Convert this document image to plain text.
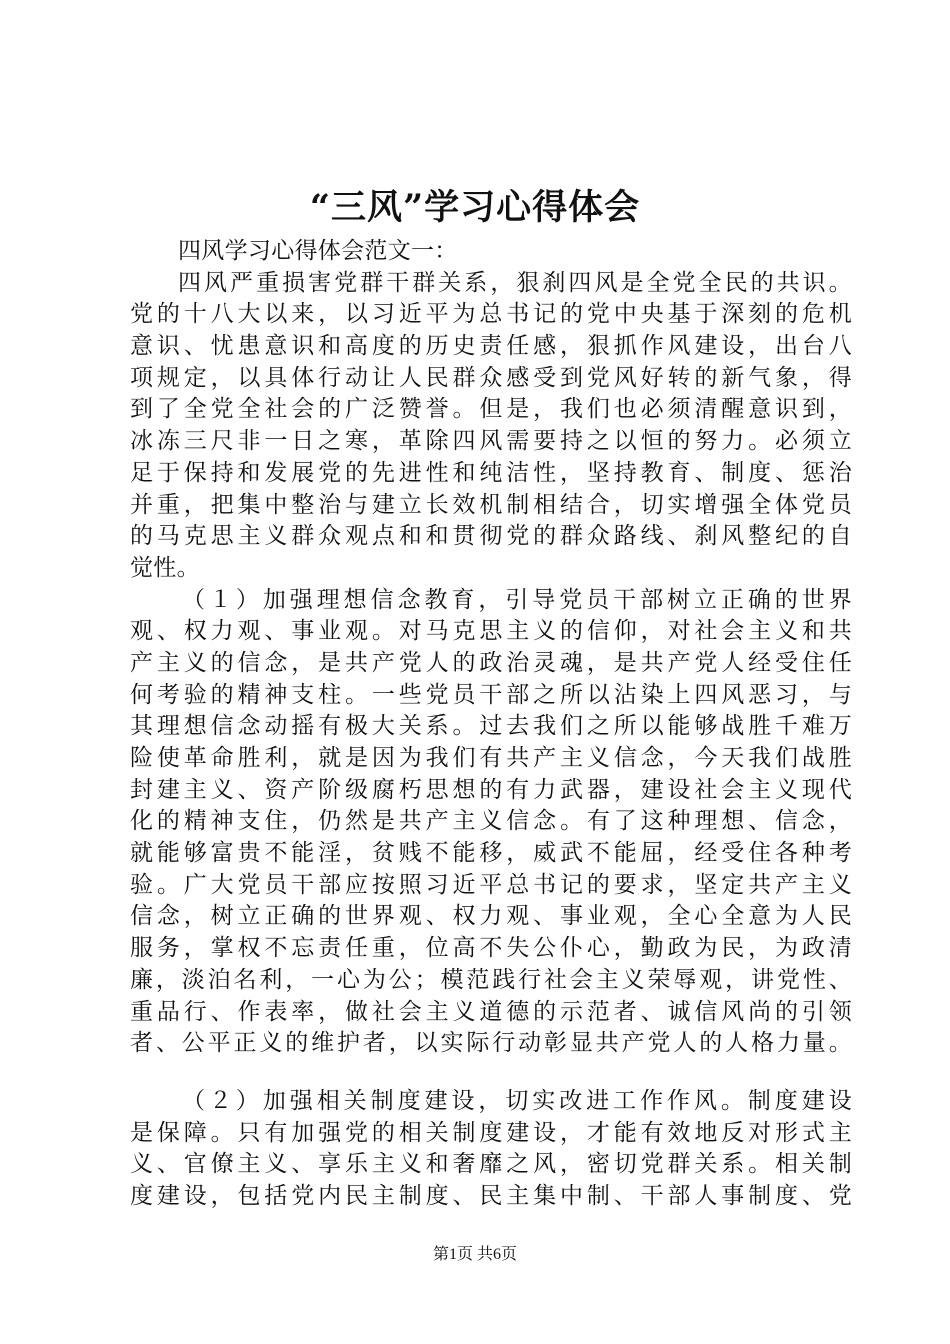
“三风”学习心得体会
四风学习心得体会范文一：
四风严重损害党群干群关系，狠刹四风是全党全民的共识。
党的十八大以来，以习近平为总书记的党中央基于深刻的危机
意识、忧患意识和高度的历史责任感，狠抓作风建设，出台八
项规定，以具体行动让人民群众感受到党风好转的新气象，得
到了全党全社会的广泛赞誉。但是，我们也必须清醒意识到，
冰冻三尺非一日之寒，革除四风需要持之以恒的努力。必须立
足于保持和发展党的先进性和纯洁性，坚持教育、制度、惩治
并重，把集中整治与建立长效机制相结合，切实增强全体党员
的马克思主义群众观点和和贯彻党的群众路线、刹风整纪的自
觉性。
（１）加强理想信念教育，引导党员干部树立正确的世界
观、权力观、事业观。对马克思主义的信仰，对社会主义和共
产主义的信念，是共产党人的政治灵魂，是共产党人经受住任
何考验的精神支柱。一些党员干部之所以沾染上四风恶习，与
其理想信念动摇有极大关系。过去我们之所以能够战胜千难万
险使革命胜利，就是因为我们有共产主义信念，今天我们战胜
封建主义、资产阶级腐朽思想的有力武器，建设社会主义现代
化的精神支住，仍然是共产主义信念。有了这种理想、信念，
就能够富贵不能淫，贫贱不能移，威武不能屈，经受住各种考
验。广大党员干部应按照习近平总书记的要求，坚定共产主义
信念，树立正确的世界观、权力观、事业观，全心全意为人民
服务，掌权不忘责任重，位高不失公仆心，勤政为民，为政清
廉，淡泊名利，一心为公；模范践行社会主义荣辱观，讲党性、
重品行、作表率，做社会主义道德的示范者、诚信风尚的引领
者、公平正义的维护者，以实际行动彰显共产党人的人格力量。
（２）加强相关制度建设，切实改进工作作风。制度建设
是保障。只有加强党的相关制度建设，才能有效地反对形式主
义、官僚主义、享乐主义和奢靡之风，密切党群关系。相关制
度建设，包括党内民主制度、民主集中制、干部人事制度、党
第1页 共6页
